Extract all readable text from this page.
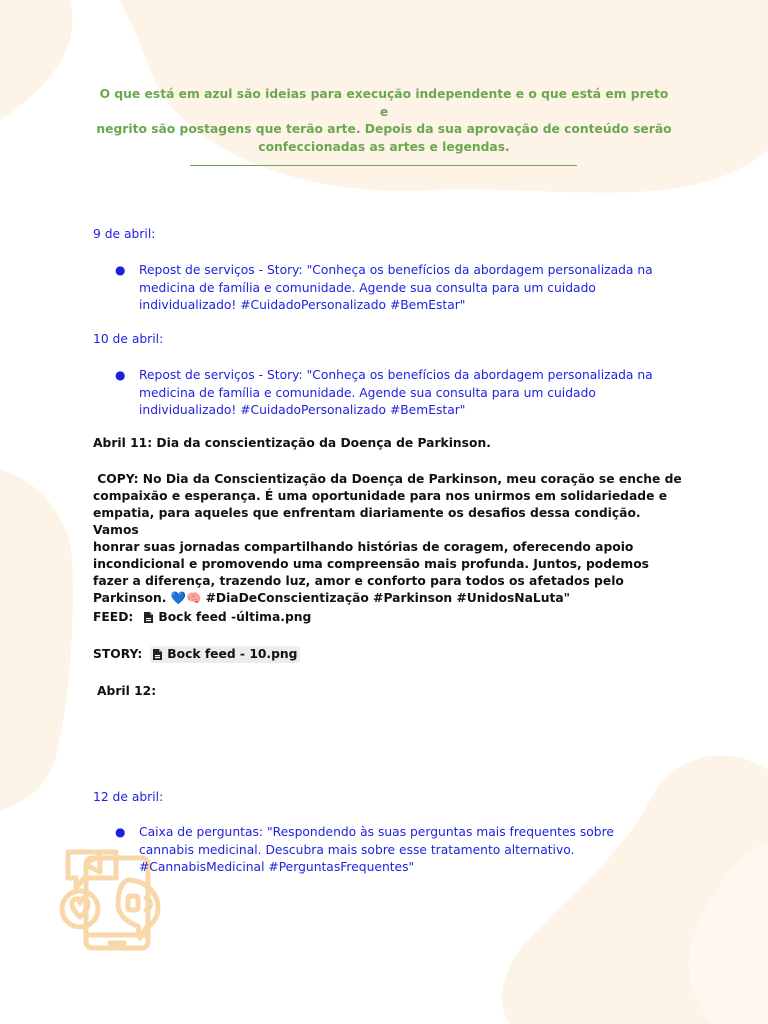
O que está em azul são ideias para execução independente e o que está em preto e
negrito são postagens que terão arte. Depois da sua aprovação de conteúdo serão
confeccionadas as artes e legendas.
9 de abril:
● Repost de serviços - Story: "Conheça os benefícios da abordagem personalizada na
medicina de família e comunidade. Agende sua consulta para um cuidado
individualizado! #CuidadoPersonalizado #BemEstar"
10 de abril:
● Repost de serviços - Story: "Conheça os benefícios da abordagem personalizada na
medicina de família e comunidade. Agende sua consulta para um cuidado
individualizado! #CuidadoPersonalizado #BemEstar"
Abril 11: Dia da conscientização da Doença de Parkinson.
COPY: No Dia da Conscientização da Doença de Parkinson, meu coração se enche de
compaixão e esperança. É uma oportunidade para nos unirmos em solidariedade e
empatia, para aqueles que enfrentam diariamente os desafios dessa condição. Vamos
honrar suas jornadas compartilhando histórias de coragem, oferecendo apoio
incondicional e promovendo uma compreensão mais profunda. Juntos, podemos
fazer a diferença, trazendo luz, amor e conforto para todos os afetados pelo
Parkinson. 💙🧠 #DiaDeConscientização #Parkinson #UnidosNaLuta"
FEED: Bock feed -última.png
STORY: Bock feed - 10.png
Abril 12:
12 de abril:
● Caixa de perguntas: "Respondendo às suas perguntas mais frequentes sobre
cannabis medicinal. Descubra mais sobre esse tratamento alternativo.
#CannabisMedicinal #PerguntasFrequentes"
